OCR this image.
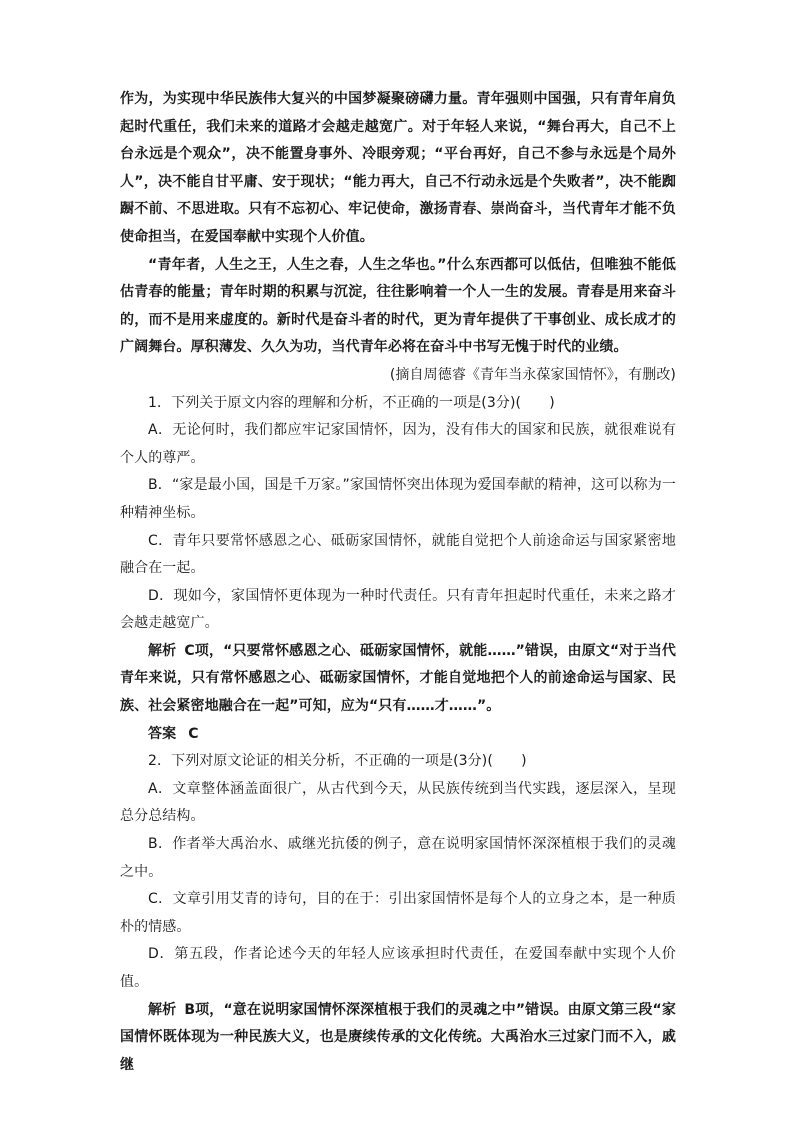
作为，为实现中华民族伟大复兴的中国梦凝聚磅礴力量。青年强则中国强，只有青年肩负起时代重任，我们未来的道路才会越走越宽广。对于年轻人来说，“舞台再大，自己不上台永远是个观众”，决不能置身事外、冷眼旁观；“平台再好，自己不参与永远是个局外人”，决不能自甘平庸、安于现状；“能力再大，自己不行动永远是个失败者”，决不能踟蹰不前、不思进取。只有不忘初心、牢记使命，激扬青春、崇尚奋斗，当代青年才能不负使命担当，在爱国奉献中实现个人价值。

“青年者，人生之王，人生之春，人生之华也。”什么东西都可以低估，但唯独不能低估青春的能量；青年时期的积累与沉淀，往往影响着一个人一生的发展。青春是用来奋斗的，而不是用来虚度的。新时代是奋斗者的时代，更为青年提供了干事创业、成长成才的广阔舞台。厚积薄发、久久为功，当代青年必将在奋斗中书写无愧于时代的业绩。

(摘自周德睿《青年当永葆家国情怀》，有删改)

1．下列关于原文内容的理解和分析，不正确的一项是(3分)(　　)

A．无论何时，我们都应牢记家国情怀，因为，没有伟大的国家和民族，就很难说有个人的尊严。

B．“家是最小国，国是千万家。”家国情怀突出体现为爱国奉献的精神，这可以称为一种精神坐标。

C．青年只要常怀感恩之心、砥砺家国情怀，就能自觉把个人前途命运与国家紧密地融合在一起。

D．现如今，家国情怀更体现为一种时代责任。只有青年担起时代重任，未来之路才会越走越宽广。

解析 C项，“只要常怀感恩之心、砥砺家国情怀，就能……”错误，由原文“对于当代青年来说，只有常怀感恩之心、砥砺家国情怀，才能自觉地把个人的前途命运与国家、民族、社会紧密地融合在一起”可知，应为“只有……才……”。

答案 C

2．下列对原文论证的相关分析，不正确的一项是(3分)(　　)

A．文章整体涵盖面很广，从古代到今天，从民族传统到当代实践，逐层深入，呈现总分总结构。

B．作者举大禹治水、戚继光抗倭的例子，意在说明家国情怀深深植根于我们的灵魂之中。

C．文章引用艾青的诗句，目的在于：引出家国情怀是每个人的立身之本，是一种质朴的情感。

D．第五段，作者论述今天的年轻人应该承担时代责任，在爱国奉献中实现个人价值。

解析 B项，“意在说明家国情怀深深植根于我们的灵魂之中”错误。由原文第三段“家国情怀既体现为一种民族大义，也是赓续传承的文化传统。大禹治水三过家门而不入，戚继
